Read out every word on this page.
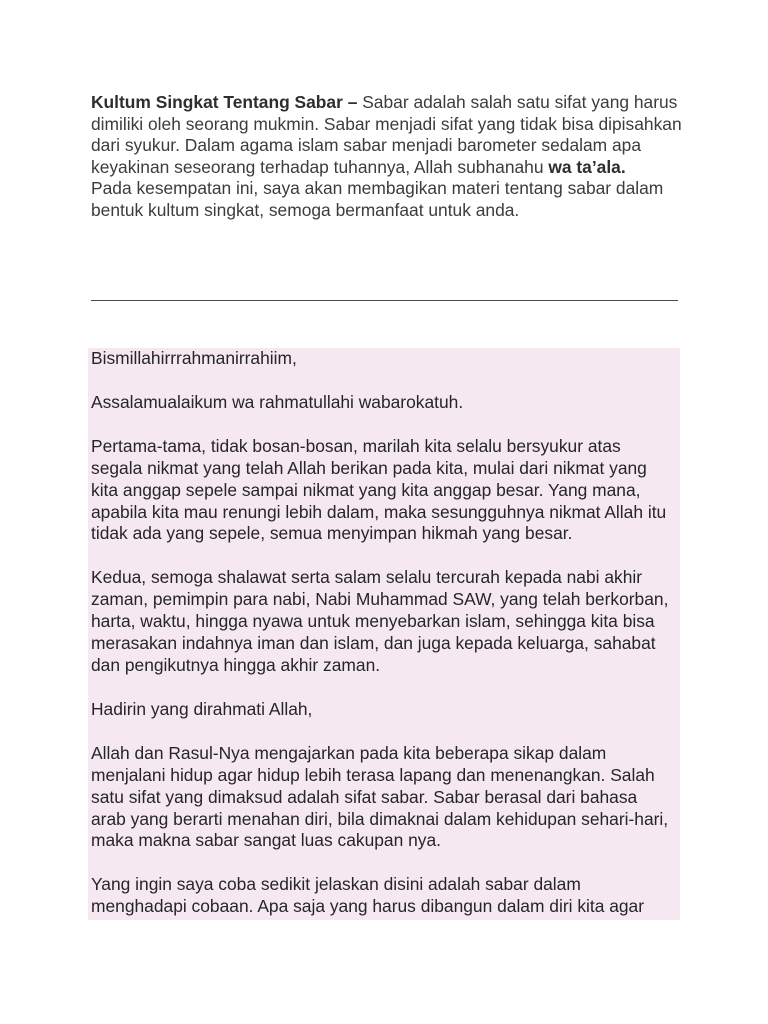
Kultum Singkat Tentang Sabar – Sabar adalah salah satu sifat yang harus dimiliki oleh seorang mukmin. Sabar menjadi sifat yang tidak bisa dipisahkan dari syukur. Dalam agama islam sabar menjadi barometer sedalam apa keyakinan seseorang terhadap tuhannya, Allah subhanahu wa ta’ala.

Pada kesempatan ini, saya akan membagikan materi tentang sabar dalam bentuk kultum singkat, semoga bermanfaat untuk anda.

Bismillahirrrahmanirrahiim,

Assalamualaikum wa rahmatullahi wabarokatuh.

Pertama-tama, tidak bosan-bosan, marilah kita selalu bersyukur atas segala nikmat yang telah Allah berikan pada kita, mulai dari nikmat yang kita anggap sepele sampai nikmat yang kita anggap besar. Yang mana, apabila kita mau renungi lebih dalam, maka sesungguhnya nikmat Allah itu tidak ada yang sepele, semua menyimpan hikmah yang besar.

Kedua, semoga shalawat serta salam selalu tercurah kepada nabi akhir zaman, pemimpin para nabi, Nabi Muhammad SAW, yang telah berkorban, harta, waktu, hingga nyawa untuk menyebarkan islam, sehingga kita bisa merasakan indahnya iman dan islam, dan juga kepada keluarga, sahabat dan pengikutnya hingga akhir zaman.

Hadirin yang dirahmati Allah,

Allah dan Rasul-Nya mengajarkan pada kita beberapa sikap dalam menjalani hidup agar hidup lebih terasa lapang dan menenangkan. Salah satu sifat yang dimaksud adalah sifat sabar. Sabar berasal dari bahasa arab yang berarti menahan diri, bila dimaknai dalam kehidupan sehari-hari, maka makna sabar sangat luas cakupan nya.

Yang ingin saya coba sedikit jelaskan disini adalah sabar dalam menghadapi cobaan. Apa saja yang harus dibangun dalam diri kita agar
